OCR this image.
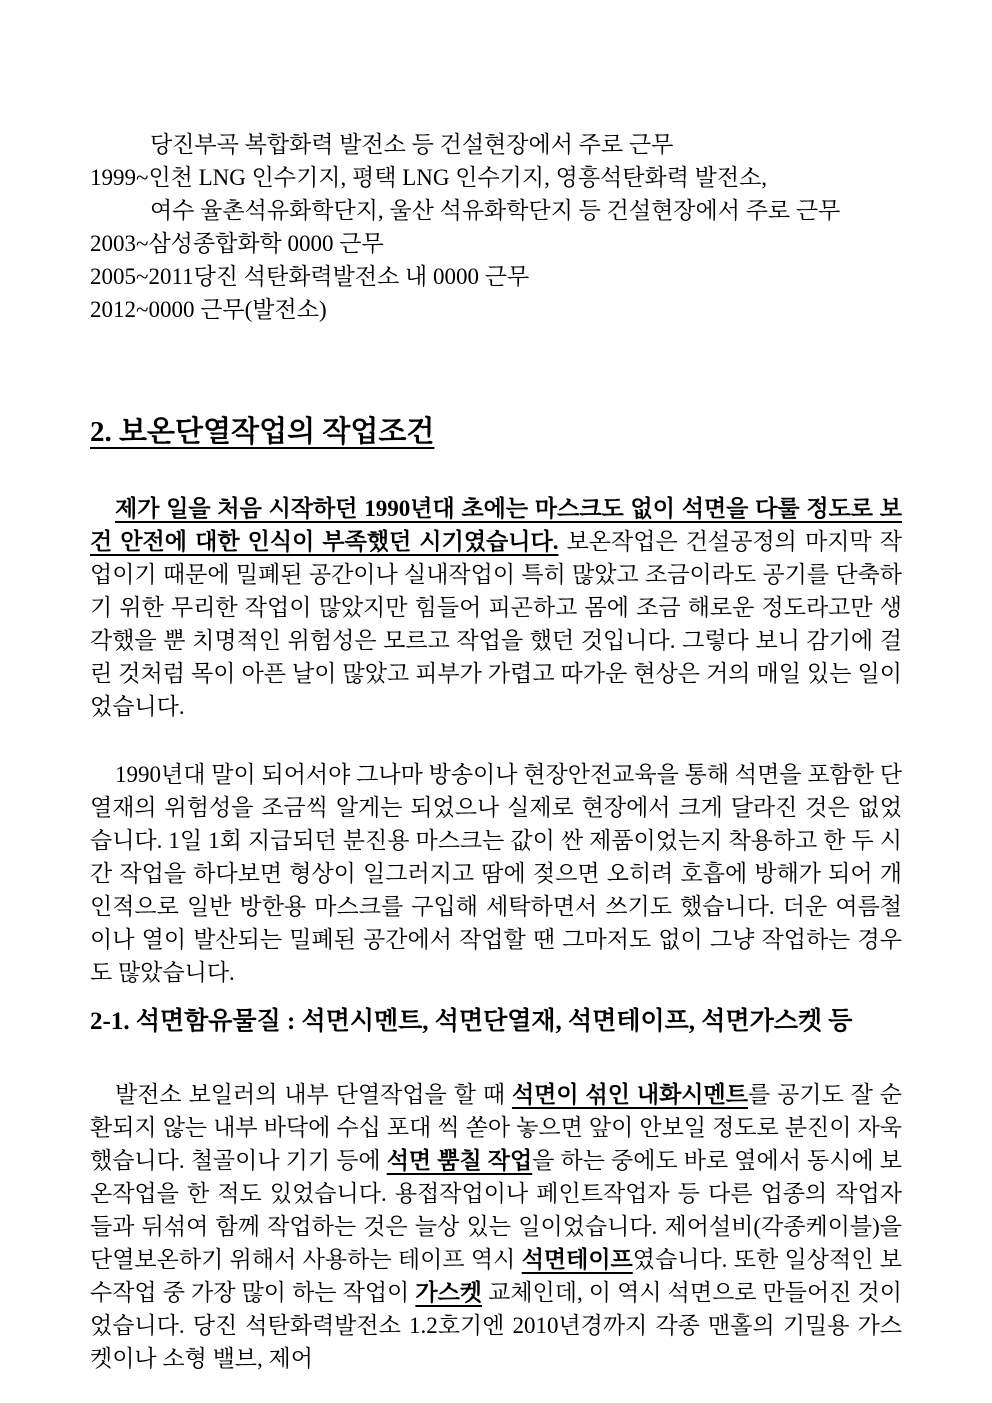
당진부곡 복합화력 발전소 등 건설현장에서 주로 근무
1999~인천 LNG 인수기지, 평택 LNG 인수기지, 영흥석탄화력 발전소,
여수 율촌석유화학단지, 울산 석유화학단지 등 건설현장에서 주로 근무
2003~삼성종합화학 0000 근무
2005~2011당진 석탄화력발전소 내 0000 근무
2012~0000 근무(발전소)
2. 보온단열작업의 작업조건

제가 일을 처음 시작하던 1990년대 초에는 마스크도 없이 석면을 다룰 정도로 보건 안전에 대한 인식이 부족했던 시기였습니다. 보온작업은 건설공정의 마지막 작업이기 때문에 밀폐된 공간이나 실내작업이 특히 많았고 조금이라도 공기를 단축하기 위한 무리한 작업이 많았지만 힘들어 피곤하고 몸에 조금 해로운 정도라고만 생각했을 뿐 치명적인 위험성은 모르고 작업을 했던 것입니다. 그렇다 보니 감기에 걸린 것처럼 목이 아픈 날이 많았고 피부가 가렵고 따가운 현상은 거의 매일 있는 일이었습니다.

1990년대 말이 되어서야 그나마 방송이나 현장안전교육을 통해 석면을 포함한 단열재의 위험성을 조금씩 알게는 되었으나 실제로 현장에서 크게 달라진 것은 없었습니다. 1일 1회 지급되던 분진용 마스크는 값이 싼 제품이었는지 착용하고 한 두 시간 작업을 하다보면 형상이 일그러지고 땀에 젖으면 오히려 호흡에 방해가 되어 개인적으로 일반 방한용 마스크를 구입해 세탁하면서 쓰기도 했습니다. 더운 여름철이나 열이 발산되는 밀폐된 공간에서 작업할 땐 그마저도 없이 그냥 작업하는 경우도 많았습니다.

2-1. 석면함유물질 : 석면시멘트, 석면단열재, 석면테이프, 석면가스켓 등

발전소 보일러의 내부 단열작업을 할 때 석면이 섞인 내화시멘트를 공기도 잘 순환되지 않는 내부 바닥에 수십 포대 씩 쏟아 놓으면 앞이 안보일 정도로 분진이 자욱했습니다. 철골이나 기기 등에 석면 뿜칠 작업을 하는 중에도 바로 옆에서 동시에 보온작업을 한 적도 있었습니다. 용접작업이나 페인트작업자 등 다른 업종의 작업자들과 뒤섞여 함께 작업하는 것은 늘상 있는 일이었습니다. 제어설비(각종케이블)을 단열보온하기 위해서 사용하는 테이프 역시 석면테이프였습니다. 또한 일상적인 보수작업 중 가장 많이 하는 작업이 가스켓 교체인데, 이 역시 석면으로 만들어진 것이었습니다. 당진 석탄화력발전소 1.2호기엔 2010년경까지 각종 맨홀의 기밀용 가스켓이나 소형 밸브, 제어
